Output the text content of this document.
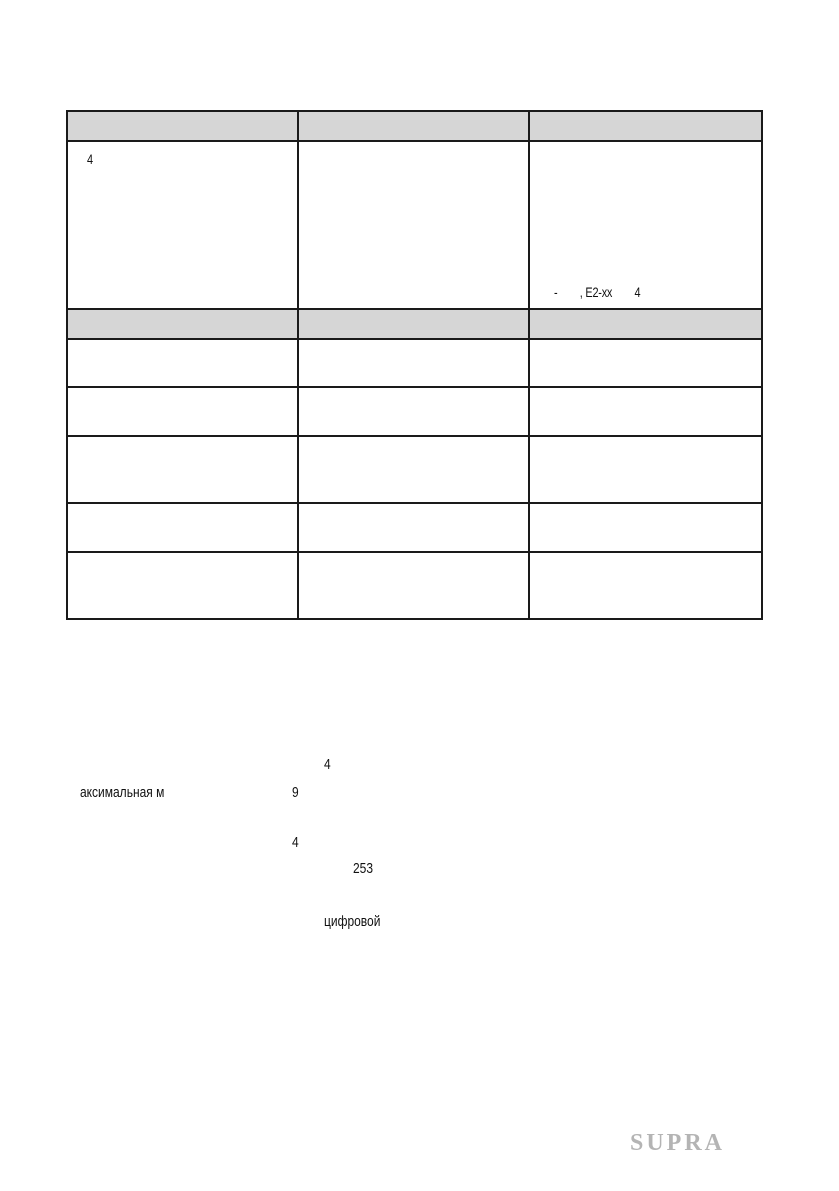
4		-        , E2-xx        4

4
аксимальная м	9
4
253
цифровой
SUPRA
